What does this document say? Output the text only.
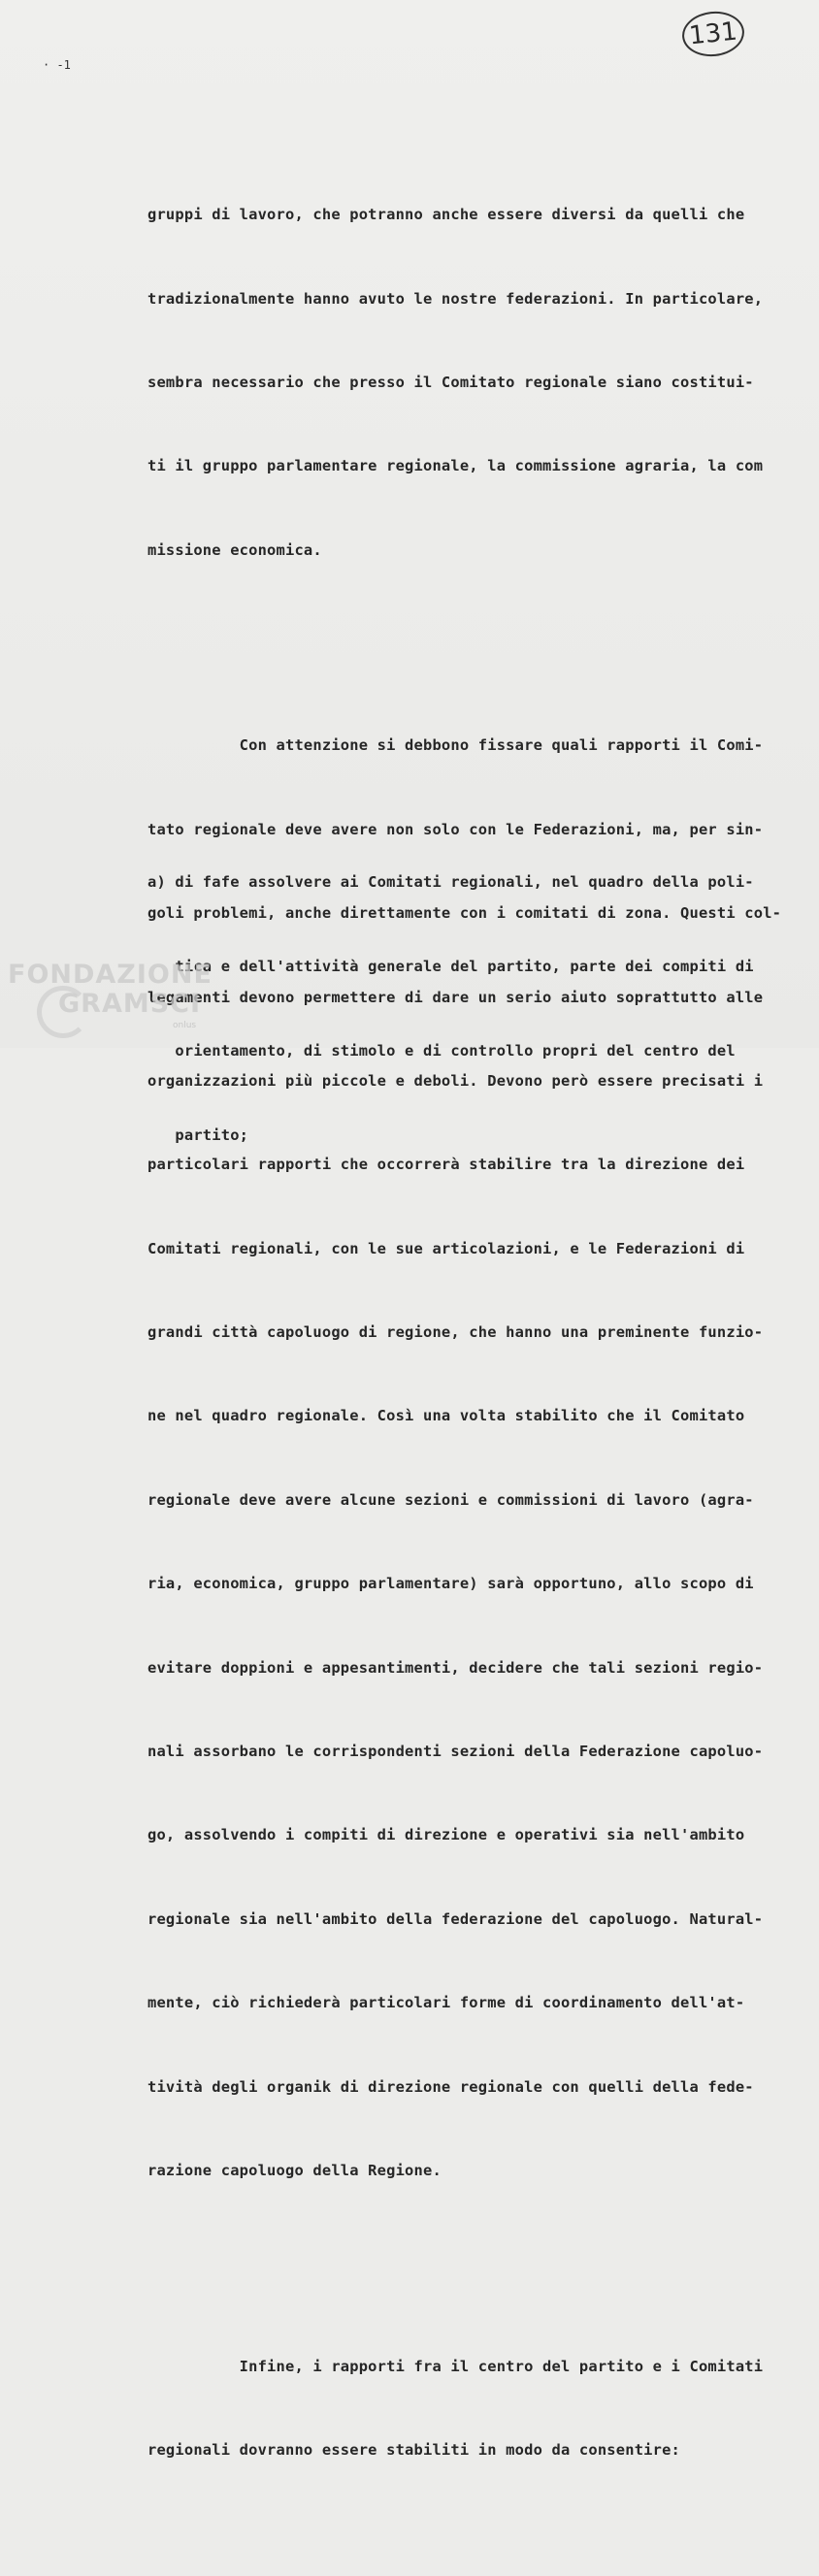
· -1
131

gruppi di lavoro, che potranno anche essere diversi da quelli che

tradizionalmente hanno avuto le nostre federazioni. In particolare,

sembra necessario che presso il Comitato regionale siano costitui-

ti il gruppo parlamentare regionale, la commissione agraria, la com

missione economica.

Con attenzione si debbono fissare quali rapporti il Comi-

tato regionale deve avere non solo con le Federazioni, ma, per sin-

goli problemi, anche direttamente con i comitati di zona. Questi col-

legamenti devono permettere di dare un serio aiuto soprattutto alle

organizzazioni più piccole e deboli. Devono però essere precisati i

particolari rapporti che occorrerà stabilire tra la direzione dei

Comitati regionali, con le sue articolazioni, e le Federazioni di

grandi città capoluogo di regione, che hanno una preminente funzio-

ne nel quadro regionale. Così una volta stabilito che il Comitato

regionale deve avere alcune sezioni e commissioni di lavoro (agra-

ria, economica, gruppo parlamentare) sarà opportuno, allo scopo di

evitare doppioni e appesantimenti, decidere che tali sezioni regio-

nali assorbano le corrispondenti sezioni della Federazione capoluo-

go, assolvendo i compiti di direzione e operativi sia nell'ambito

regionale sia nell'ambito della federazione del capoluogo. Natural-

mente, ciò richiederà particolari forme di coordinamento dell'at-

tività degli organik di direzione regionale con quelli della fede-

razione capoluogo della Regione.

Infine, i rapporti fra il centro del partito e i Comitati

regionali dovranno essere stabiliti in modo da consentire:

a) di fafe assolvere ai Comitati regionali, nel quadro della poli-

tica e dell'attività generale del partito, parte dei compiti di

orientamento, di stimolo e di controllo propri del centro del

partito;

FONDAZIONE
GRAMSCI
onlus
